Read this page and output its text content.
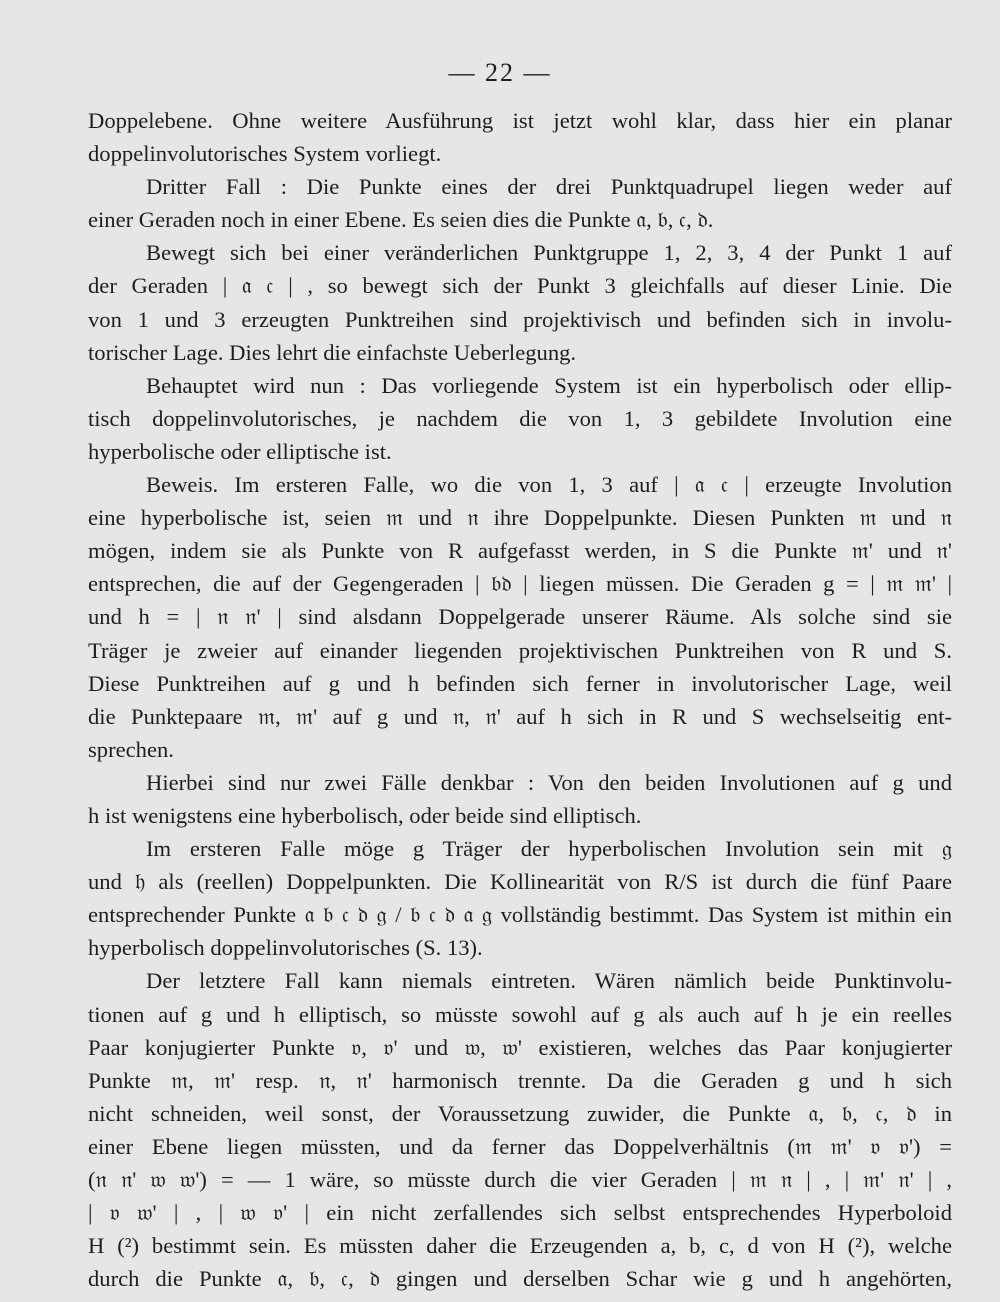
— 22 —
Doppelebene. Ohne weitere Ausführung ist jetzt wohl klar, dass hier ein planar
doppelinvolutorisches System vorliegt.
Dritter Fall : Die Punkte eines der drei Punktquadrupel liegen weder auf
einer Geraden noch in einer Ebene. Es seien dies die Punkte 𝔞, 𝔟, 𝔠, 𝔡.
Bewegt sich bei einer veränderlichen Punktgruppe 1, 2, 3, 4 der Punkt 1 auf
der Geraden | 𝔞 𝔠 | , so bewegt sich der Punkt 3 gleichfalls auf dieser Linie. Die
von 1 und 3 erzeugten Punktreihen sind projektivisch und befinden sich in involu-
torischer Lage. Dies lehrt die einfachste Ueberlegung.
Behauptet wird nun : Das vorliegende System ist ein hyperbolisch oder ellip-
tisch doppelinvolutorisches, je nachdem die von 1, 3 gebildete Involution eine
hyperbolische oder elliptische ist.
Beweis. Im ersteren Falle, wo die von 1, 3 auf | 𝔞 𝔠 | erzeugte Involution
eine hyperbolische ist, seien 𝔪 und 𝔫 ihre Doppelpunkte. Diesen Punkten 𝔪 und 𝔫
mögen, indem sie als Punkte von R aufgefasst werden, in S die Punkte 𝔪' und 𝔫'
entsprechen, die auf der Gegengeraden | 𝔟𝔡 | liegen müssen. Die Geraden g = | 𝔪 𝔪' |
und h = | 𝔫 𝔫' | sind alsdann Doppelgerade unserer Räume. Als solche sind sie
Träger je zweier auf einander liegenden projektivischen Punktreihen von R und S.
Diese Punktreihen auf g und h befinden sich ferner in involutorischer Lage, weil
die Punktepaare 𝔪, 𝔪' auf g und 𝔫, 𝔫' auf h sich in R und S wechselseitig ent-
sprechen.
Hierbei sind nur zwei Fälle denkbar : Von den beiden Involutionen auf g und
h ist wenigstens eine hyberbolisch, oder beide sind elliptisch.
Im ersteren Falle möge g Träger der hyperbolischen Involution sein mit 𝔤
und 𝔥 als (reellen) Doppelpunkten. Die Kollinearität von R/S ist durch die fünf Paare
entsprechender Punkte 𝔞 𝔟 𝔠 𝔡 𝔤 / 𝔟 𝔠 𝔡 𝔞 𝔤 vollständig bestimmt. Das System ist mithin ein
hyperbolisch doppelinvolutorisches (S. 13).
Der letztere Fall kann niemals eintreten. Wären nämlich beide Punktinvolu-
tionen auf g und h elliptisch, so müsste sowohl auf g als auch auf h je ein reelles
Paar konjugierter Punkte 𝔳, 𝔳' und 𝔴, 𝔴' existieren, welches das Paar konjugierter
Punkte 𝔪, 𝔪' resp. 𝔫, 𝔫' harmonisch trennte. Da die Geraden g und h sich
nicht schneiden, weil sonst, der Voraussetzung zuwider, die Punkte 𝔞, 𝔟, 𝔠, 𝔡 in
einer Ebene liegen müssten, und da ferner das Doppelverhältnis (𝔪 𝔪' 𝔳 𝔳') =
(𝔫 𝔫' 𝔴 𝔴') = — 1 wäre, so müsste durch die vier Geraden | 𝔪 𝔫 | , | 𝔪' 𝔫' | ,
| 𝔳 𝔴' | , | 𝔴 𝔳' | ein nicht zerfallendes sich selbst entsprechendes Hyperboloid
H (²) bestimmt sein. Es müssten daher die Erzeugenden a, b, c, d von H (²), welche
durch die Punkte 𝔞, 𝔟, 𝔠, 𝔡 gingen und derselben Schar wie g und h angehörten,
